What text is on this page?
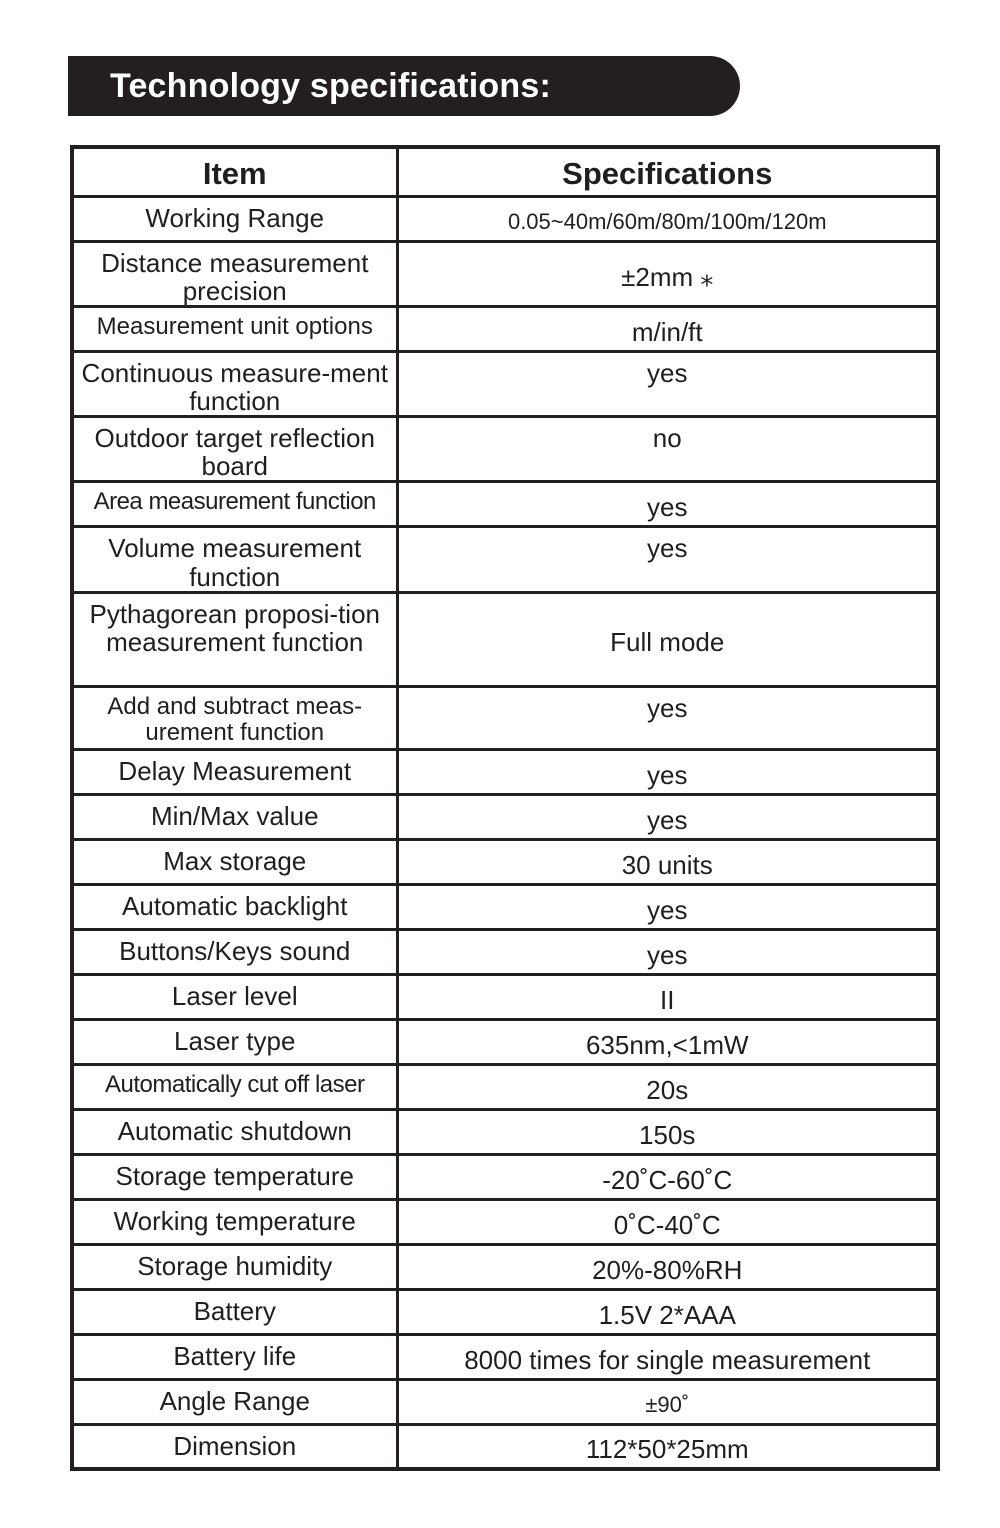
Technology specifications:
Item	Specifications
Working Range	0.05~40m/60m/80m/100m/120m
Distance measurement precision	±2mm ⁎
Measurement unit options	m/in/ft
Continuous measure-ment function	yes
Outdoor target reflection board	no
Area measurement function	yes
Volume measurement function	yes
Pythagorean proposi-tion measurement function	Full mode
Add and subtract meas-urement function	yes
Delay Measurement	yes
Min/Max value	yes
Max storage	30 units
Automatic backlight	yes
Buttons/Keys sound	yes
Laser level	II
Laser type	635nm,<1mW
Automatically cut off laser	20s
Automatic shutdown	150s
Storage temperature	-20˚C-60˚C
Working temperature	0˚C-40˚C
Storage humidity	20%-80%RH
Battery	1.5V 2*AAA
Battery life	8000 times for single measurement
Angle Range	±90˚
Dimension	112*50*25mm
